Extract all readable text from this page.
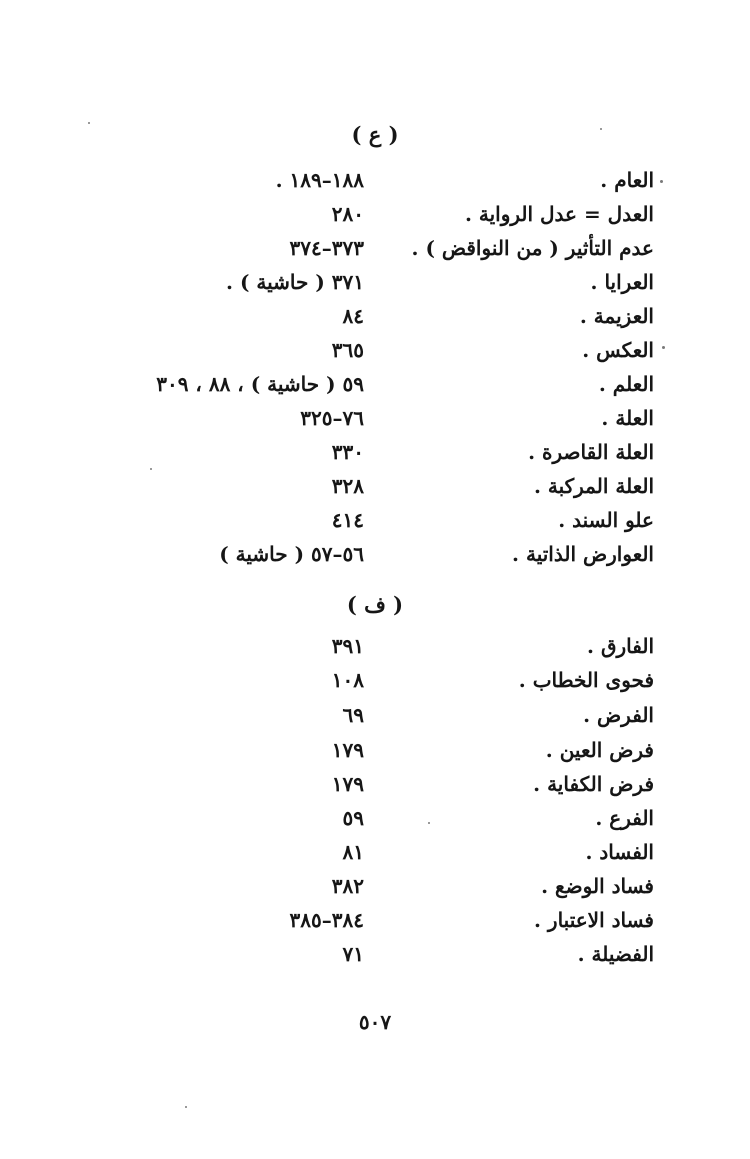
( ع )
العام .
١٨٨–١٨٩ .
العدل = عدل الرواية .
٢٨٠
عدم التأثير ( من النواقض ) .
٣٧٣–٣٧٤
العرايا .
٣٧١ ( حاشية ) .
العزيمة .
٨٤
العكس .
٣٦٥
العلم .
٥٩ ( حاشية ) ، ٨٨ ، ٣٠٩
العلة .
٧٦–٣٢٥
العلة القاصرة .
٣٣٠
العلة المركبة .
٣٢٨
علو السند .
٤١٤
العوارض الذاتية .
٥٦–٥٧ ( حاشية )
( ف )
الفارق .
٣٩١
فحوى الخطاب .
١٠٨
الفرض .
٦٩
فرض العين .
١٧٩
فرض الكفاية .
١٧٩
الفرع .
٥٩
الفساد .
٨١
فساد الوضع .
٣٨٢
فساد الاعتبار .
٣٨٤–٣٨٥
الفضيلة .
٧١
٥٠٧
